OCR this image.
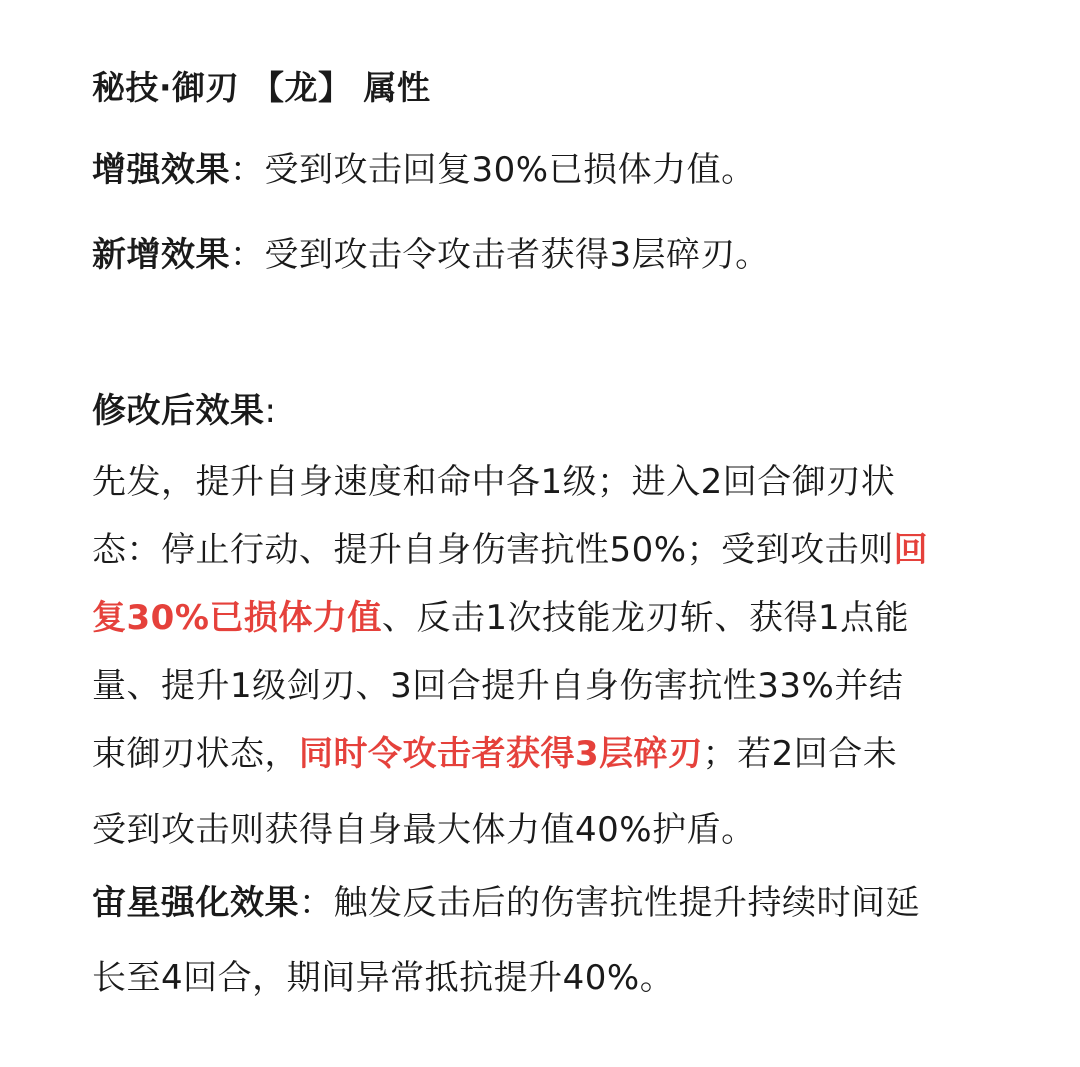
秘技·御刃 【龙】 属性
增强效果：受到攻击回复30%已损体力值。
新增效果：受到攻击令攻击者获得3层碎刃。
修改后效果:
先发，提升自身速度和命中各1级；进入2回合御刃状
态：停止行动、提升自身伤害抗性50%；受到攻击则回
复30%已损体力值、反击1次技能龙刃斩、获得1点能
量、提升1级剑刃、3回合提升自身伤害抗性33%并结
束御刃状态，同时令攻击者获得3层碎刃；若2回合未
受到攻击则获得自身最大体力值40%护盾。
宙星强化效果：触发反击后的伤害抗性提升持续时间延
长至4回合，期间异常抵抗提升40%。
